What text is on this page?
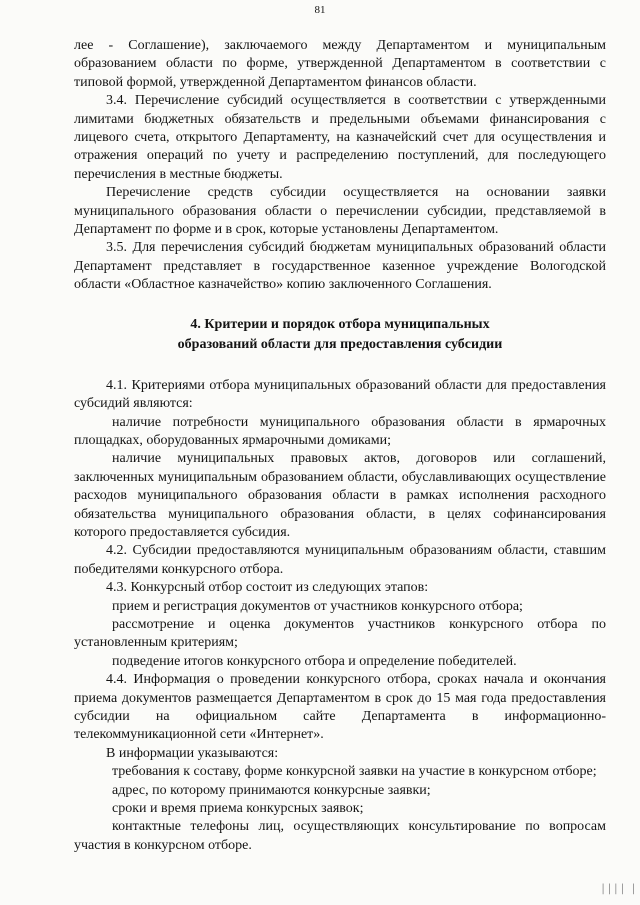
81

лее - Соглашение), заключаемого между Департаментом и муниципальным образованием области по форме, утвержденной Департаментом в соответствии с типовой формой, утвержденной Департаментом финансов области.

3.4. Перечисление субсидий осуществляется в соответствии с утвержденными лимитами бюджетных обязательств и предельными объемами финансирования с лицевого счета, открытого Департаменту, на казначейский счет для осуществления и отражения операций по учету и распределению поступлений, для последующего перечисления в местные бюджеты.

Перечисление средств субсидии осуществляется на основании заявки муниципального образования области о перечислении субсидии, представляемой в Департамент по форме и в срок, которые установлены Департаментом.

3.5. Для перечисления субсидий бюджетам муниципальных образований области Департамент представляет в государственное казенное учреждение Вологодской области «Областное казначейство» копию заключенного Соглашения.

4. Критерии и порядок отбора муниципальных
образований области для предоставления субсидии

4.1. Критериями отбора муниципальных образований области для предоставления субсидий являются:

наличие потребности муниципального образования области в ярмарочных площадках, оборудованных ярмарочными домиками;

наличие муниципальных правовых актов, договоров или соглашений, заключенных муниципальным образованием области, обуславливающих осуществление расходов муниципального образования области в рамках исполнения расходного обязательства муниципального образования области, в целях софинансирования которого предоставляется субсидия.

4.2. Субсидии предоставляются муниципальным образованиям области, ставшим победителями конкурсного отбора.

4.3. Конкурсный отбор состоит из следующих этапов:

прием и регистрация документов от участников конкурсного отбора;

рассмотрение и оценка документов участников конкурсного отбора по установленным критериям;

подведение итогов конкурсного отбора и определение победителей.

4.4. Информация о проведении конкурсного отбора, сроках начала и окончания приема документов размещается Департаментом в срок до 15 мая года предоставления субсидии на официальном сайте Департамента в информационно-телекоммуникационной сети «Интернет».

В информации указываются:

требования к составу, форме конкурсной заявки на участие в конкурсном отборе;

адрес, по которому принимаются конкурсные заявки;

сроки и время приема конкурсных заявок;

контактные телефоны лиц, осуществляющих консультирование по вопросам участия в конкурсном отборе.

││││ │
